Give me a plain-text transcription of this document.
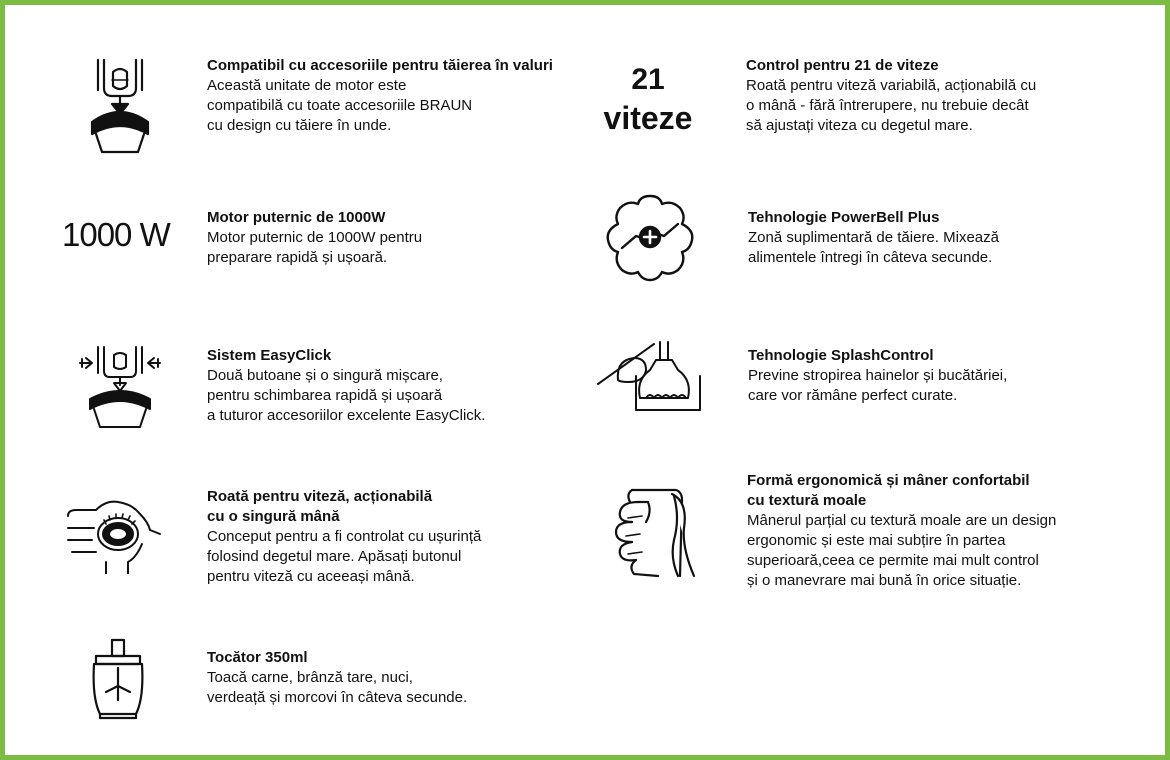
Compatibil cu accesoriile pentru tăierea în valuri
Această unitate de motor este
compatibilă cu toate accesoriile BRAUN
cu design cu tăiere în unde.
1000 W Motor puternic de 1000W
Motor puternic de 1000W pentru
preparare rapidă și ușoară.
Sistem EasyClick
Două butoane și o singură mișcare,
pentru schimbarea rapidă și ușoară
a tuturor accesoriilor excelente EasyClick.
Roată pentru viteză, acționabilă
cu o singură mână
Conceput pentru a fi controlat cu ușurință
folosind degetul mare. Apăsați butonul
pentru viteză cu aceeași mână.
Tocător 350ml
Toacă carne, brânză tare, nuci,
verdeață și morcovi în câteva secunde.
21
viteze
Control pentru 21 de viteze
Roată pentru viteză variabilă, acționabilă cu
o mână - fără întrerupere, nu trebuie decât
să ajustați viteza cu degetul mare.
Tehnologie PowerBell Plus
Zonă suplimentară de tăiere. Mixează
alimentele întregi în câteva secunde.
Tehnologie SplashControl
Previne stropirea hainelor și bucătăriei,
care vor rămâne perfect curate.
Formă ergonomică și mâner confortabil
cu textură moale
Mânerul parțial cu textură moale are un design
ergonomic și este mai subțire în partea
superioară,ceea ce permite mai mult control
și o manevrare mai bună în orice situație.
